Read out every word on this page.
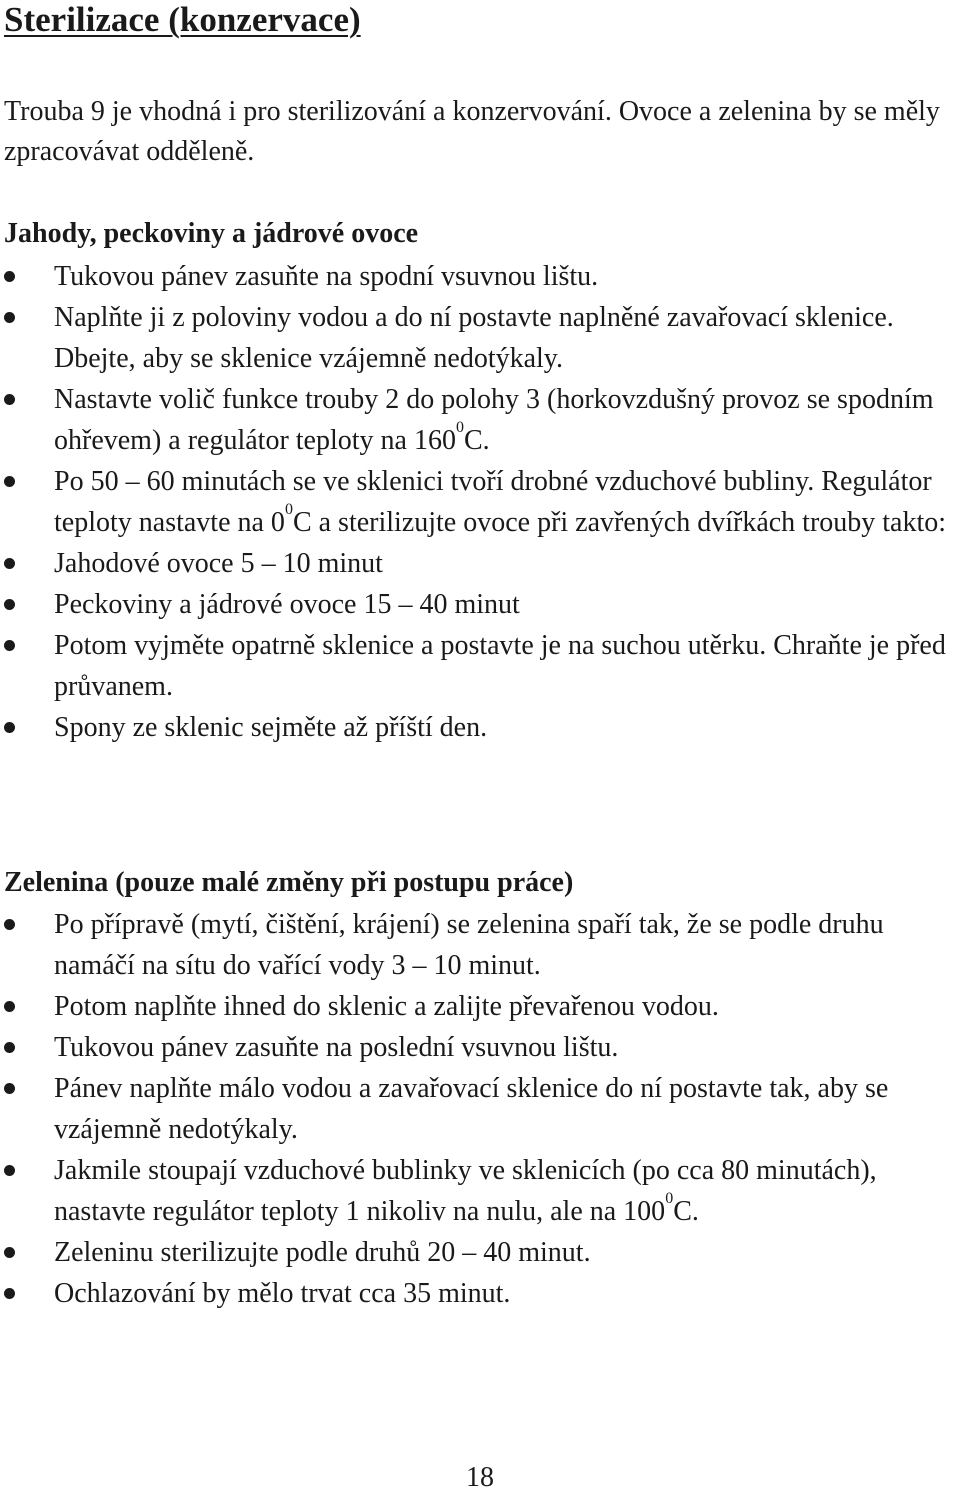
Sterilizace (konzervace)

Trouba 9 je vhodná i pro sterilizování a konzervování. Ovoce a zelenina by se měly zpracovávat odděleně.

Jahody, peckoviny a jádrové ovoce
Tukovou pánev zasuňte na spodní vsuvnou lištu.
Naplňte ji z poloviny vodou a do ní postavte naplněné zavařovací sklenice. Dbejte, aby se sklenice vzájemně nedotýkaly.
Nastavte volič funkce trouby 2 do polohy 3 (horkovzdušný provoz se spodním ohřevem) a regulátor teploty na $160^0C$.
Po 50 – 60 minutách se ve sklenici tvoří drobné vzduchové bubliny. Regulátor teploty nastavte na $0^0C$ a sterilizujte ovoce při zavřených dvířkách trouby takto:
Jahodové ovoce 5 – 10 minut
Peckoviny a jádrové ovoce 15 – 40 minut
Potom vyjměte opatrně sklenice a postavte je na suchou utěrku. Chraňte je před průvanem.
Spony ze sklenic sejměte až příští den.
Zelenina (pouze malé změny při postupu práce)
Po přípravě (mytí, čištění, krájení) se zelenina spaří tak, že se podle druhu namáčí na sítu do vařící vody 3 – 10 minut.
Potom naplňte ihned do sklenic a zalijte převařenou vodou.
Tukovou pánev zasuňte na poslední vsuvnou lištu.
Pánev naplňte málo vodou a zavařovací sklenice do ní postavte tak, aby se vzájemně nedotýkaly.
Jakmile stoupají vzduchové bublinky ve sklenicích (po cca 80 minutách), nastavte regulátor teploty 1 nikoliv na nulu, ale na $100^0C$.
Zeleninu sterilizujte podle druhů 20 – 40 minut.
Ochlazování by mělo trvat cca 35 minut.
18
